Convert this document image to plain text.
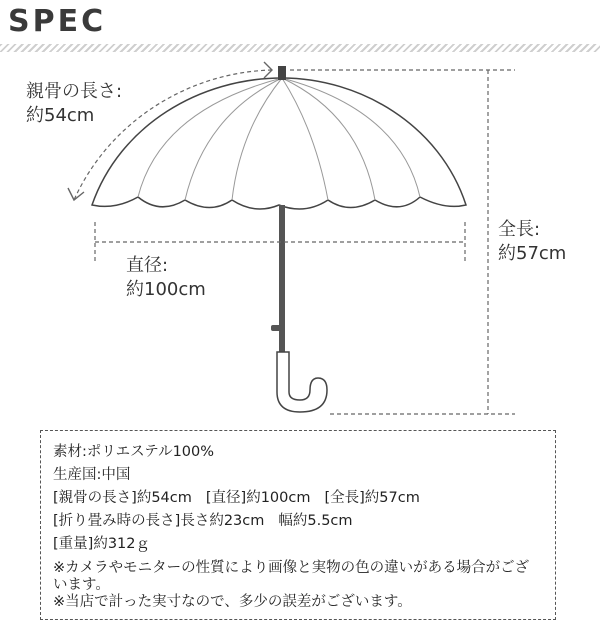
SPEC
親骨の長さ:
約54cm
直径:
約100cm
全長:
約57cm
素材:ポリエステル100%
生産国:中国
[親骨の長さ]約54cm [直径]約100cm [全長]約57cm
[折り畳み時の長さ]長さ約23cm 幅約5.5cm
[重量]約312ｇ
※カメラやモニターの性質により画像と実物の色の違いがある場合がございます。
※当店で計った実寸なので、多少の誤差がございます。
